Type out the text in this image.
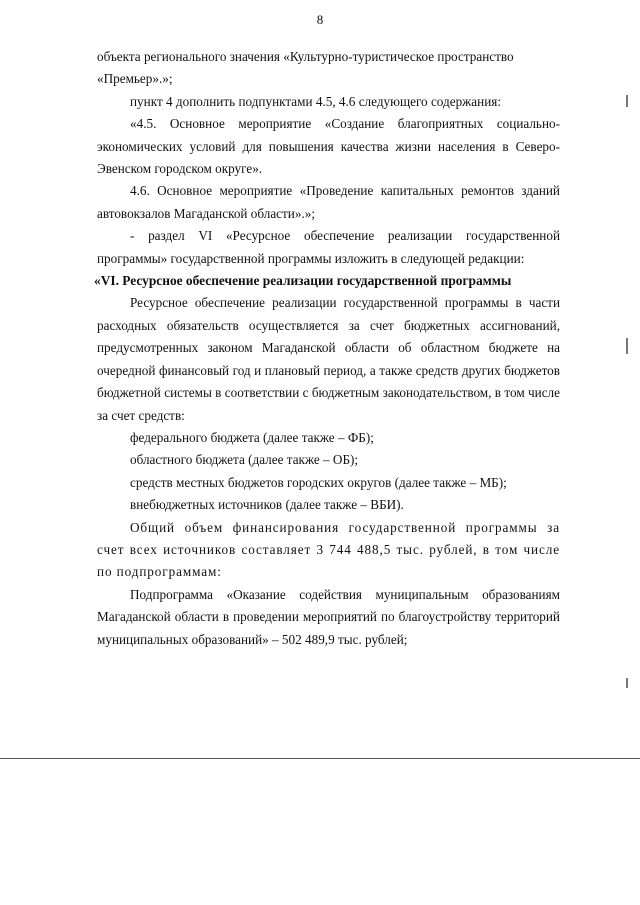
8

объекта регионального значения «Культурно-туристическое пространство «Премьер».»;

пункт 4 дополнить подпунктами 4.5, 4.6 следующего содержания:

«4.5. Основное мероприятие «Создание благоприятных социально-экономических условий для повышения качества жизни населения в Северо-Эвенском городском округе».

4.6. Основное мероприятие «Проведение капитальных ремонтов зданий автовокзалов Магаданской области».»;

- раздел VI «Ресурсное обеспечение реализации государственной программы» государственной программы изложить в следующей редакции:

«VI. Ресурсное обеспечение реализации государственной программы

Ресурсное обеспечение реализации государственной программы в части расходных обязательств осуществляется за счет бюджетных ассигнований, предусмотренных законом Магаданской области об областном бюджете на очередной финансовый год и плановый период, а также средств других бюджетов бюджетной системы в соответствии с бюджетным законодательством, в том числе за счет средств:

федерального бюджета (далее также – ФБ);

областного бюджета (далее также – ОБ);

средств местных бюджетов городских округов (далее также – МБ);

внебюджетных источников (далее также – ВБИ).

Общий объем финансирования государственной программы за счет всех источников составляет 3 744 488,5 тыс. рублей, в том числе по подпрограммам:

Подпрограмма «Оказание содействия муниципальным образованиям Магаданской области в проведении мероприятий по благоустройству территорий муниципальных образований» – 502 489,9 тыс. рублей;
